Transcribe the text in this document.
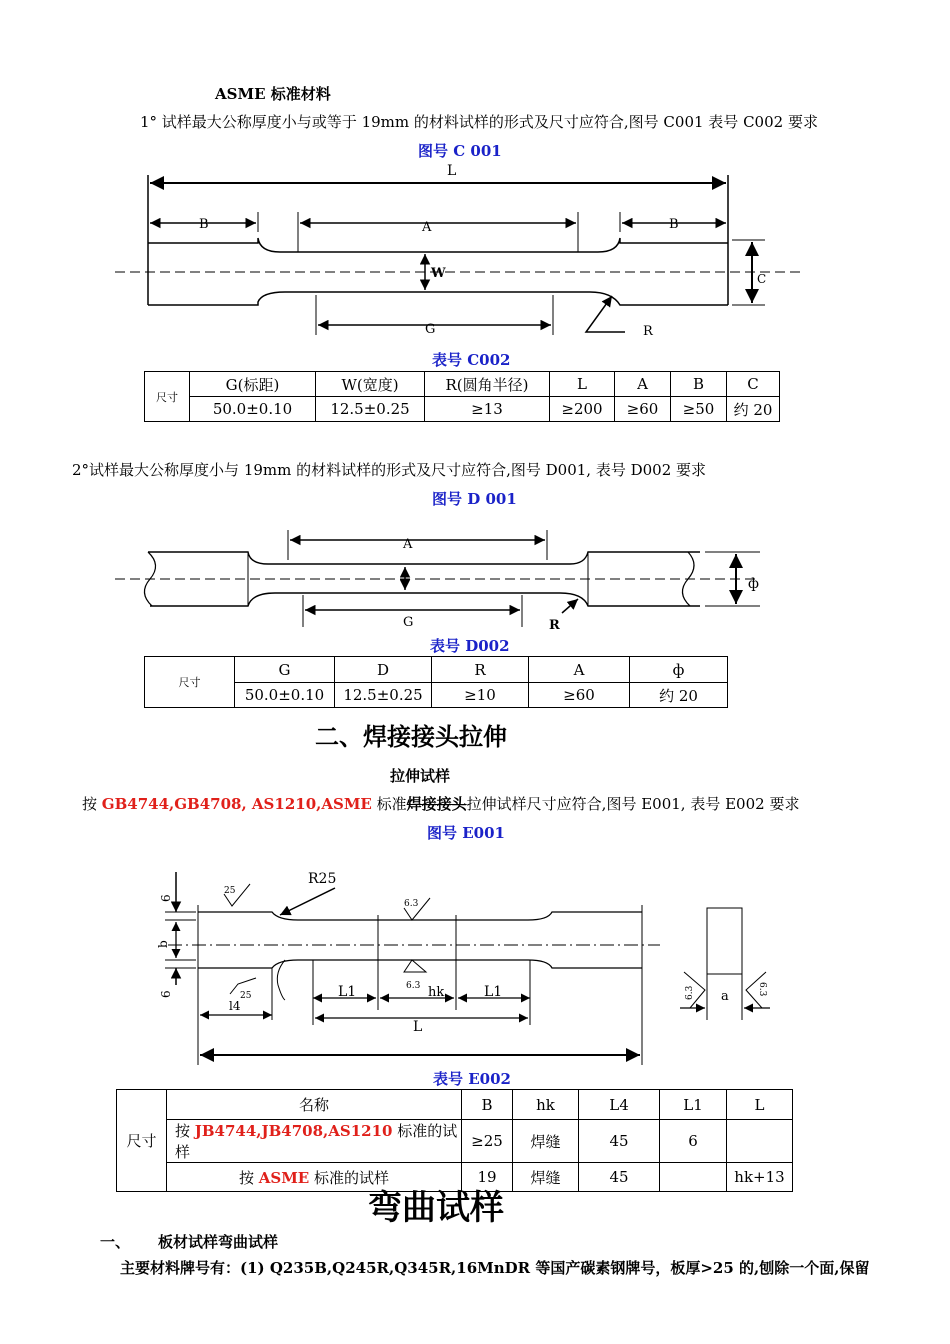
ASME 标准材料
1° 试样最大公称厚度小与或等于 19mm 的材料试样的形式及尺寸应符合,图号 C001 表号 C002 要求
图号 C 001
L
B	A	B
W	C
G	R
表号 C002
尺寸	G(标距)	W(宽度)	R(圆角半径)	L	A	B	C
	50.0±0.10	12.5±0.25	≥13	≥200	≥60	≥50	约 20
2°试样最大公称厚度小与 19mm 的材料试样的形式及尺寸应符合,图号 D001, 表号 D002 要求
图号 D 001
A
G	R
ф
表号 D002
尺寸	G	D	R	A	ф
	50.0±0.10	12.5±0.25	≥10	≥60	约 20
二、焊接接头拉伸
拉伸试样
按 GB4744,GB4708, AS1210,ASME 标准焊接接头拉伸试样尺寸应符合,图号 E001, 表号 E002 要求
图号 E001
R25
25
6.3
b
6
6	L1	hk	L1
6.3
25
l4
L
a
6.3	6.3
表号 E002
尺寸	名称	B	hk	L4	L1	L
	按 JB4744,JB4708,AS1210 标准的试样	≥25	焊缝	45	6	
	按 ASME 标准的试样	19	焊缝	45		hk+13
弯曲试样
一、 板材试样弯曲试样
主要材料牌号有：(1) Q235B,Q245R,Q345R,16MnDR 等国产碳素钢牌号，板厚>25 的,刨除一个面,保留
